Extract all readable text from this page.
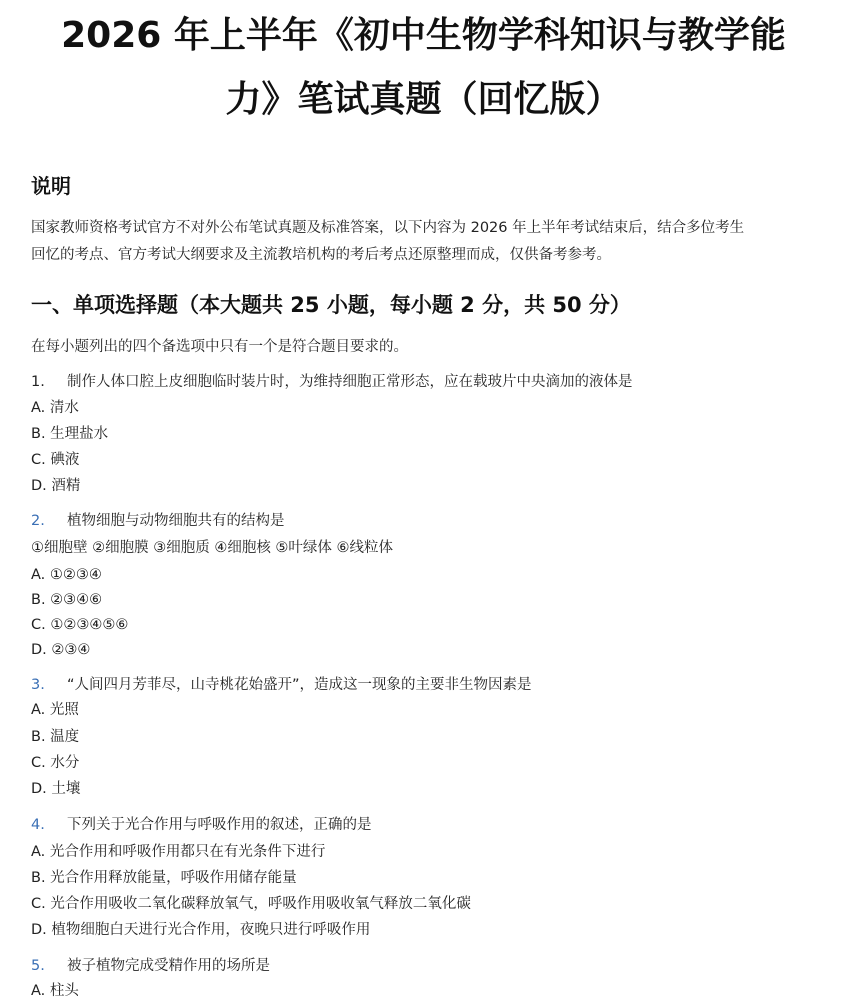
2026 年上半年《初中生物学科知识与教学能
力》笔试真题（回忆版）
说明
国家教师资格考试官方不对外公布笔试真题及标准答案，以下内容为 2026 年上半年考试结束后，结合多位考生
回忆的考点、官方考试大纲要求及主流教培机构的考后考点还原整理而成，仅供备考参考。
一、单项选择题（本大题共 25 小题，每小题 2 分，共 50 分）
在每小题列出的四个备选项中只有一个是符合题目要求的。
1. 制作人体口腔上皮细胞临时装片时，为维持细胞正常形态，应在载玻片中央滴加的液体是
A. 清水
B. 生理盐水
C. 碘液
D. 酒精
2. 植物细胞与动物细胞共有的结构是
①细胞壁 ②细胞膜 ③细胞质 ④细胞核 ⑤叶绿体 ⑥线粒体
A. ①②③④
B. ②③④⑥
C. ①②③④⑤⑥
D. ②③④
3. “人间四月芳菲尽，山寺桃花始盛开”，造成这一现象的主要非生物因素是
A. 光照
B. 温度
C. 水分
D. 土壤
4. 下列关于光合作用与呼吸作用的叙述，正确的是
A. 光合作用和呼吸作用都只在有光条件下进行
B. 光合作用释放能量，呼吸作用储存能量
C. 光合作用吸收二氧化碳释放氧气，呼吸作用吸收氧气释放二氧化碳
D. 植物细胞白天进行光合作用，夜晚只进行呼吸作用
5. 被子植物完成受精作用的场所是
A. 柱头
